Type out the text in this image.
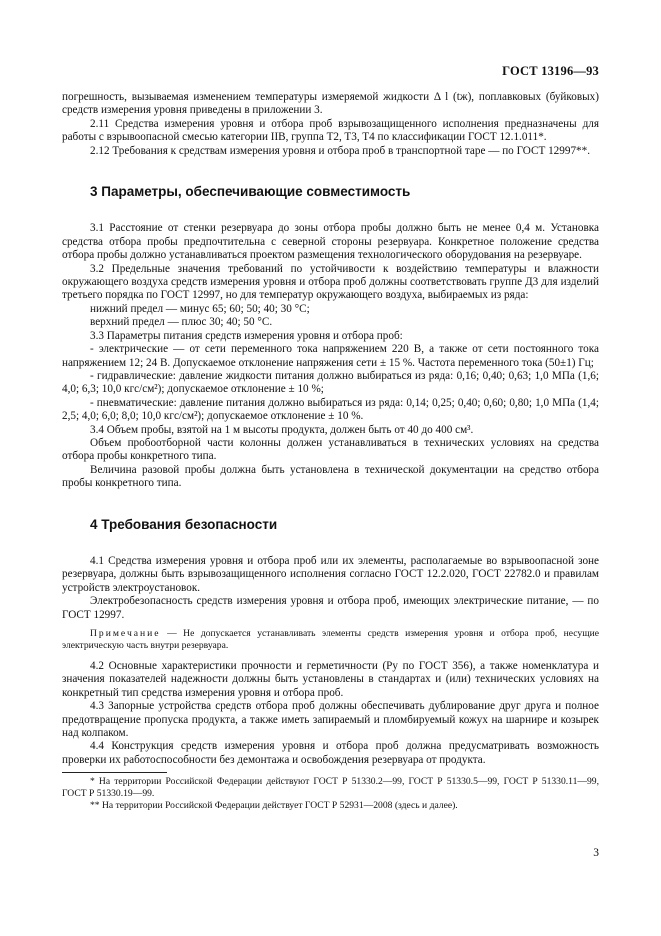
ГОСТ 13196—93

погрешность, вызываемая изменением температуры измеряемой жидкости Δ l (tж), поплавковых (буйковых) средств измерения уровня приведены в приложении 3.

2.11 Средства измерения уровня и отбора проб взрывозащищенного исполнения предназначены для работы с взрывоопасной смесью категории IIB, группа T2, T3, T4 по классификации ГОСТ 12.1.011*.

2.12 Требования к средствам измерения уровня и отбора проб в транспортной таре — по ГОСТ 12997**.

3 Параметры, обеспечивающие совместимость

3.1 Расстояние от стенки резервуара до зоны отбора пробы должно быть не менее 0,4 м. Установка средства отбора пробы предпочтительна с северной стороны резервуара. Конкретное положение средства отбора пробы должно устанавливаться проектом размещения технологического оборудования на резервуаре.

3.2 Предельные значения требований по устойчивости к воздействию температуры и влажности окружающего воздуха средств измерения уровня и отбора проб должны соответствовать группе Д3 для изделий третьего порядка по ГОСТ 12997, но для температур окружающего воздуха, выбираемых из ряда:

нижний предел — минус 65; 60; 50; 40; 30 °C;

верхний предел — плюс 30; 40; 50 °C.

3.3 Параметры питания средств измерения уровня и отбора проб:

- электрические — от сети переменного тока напряжением 220 В, а также от сети постоянного тока напряжением 12; 24 В. Допускаемое отклонение напряжения сети ± 15 %. Частота переменного тока (50±1) Гц;

- гидравлические: давление жидкости питания должно выбираться из ряда: 0,16; 0,40; 0,63; 1,0 МПа (1,6; 4,0; 6,3; 10,0 кгс/см²); допускаемое отклонение ± 10 %;

- пневматические: давление питания должно выбираться из ряда: 0,14; 0,25; 0,40; 0,60; 0,80; 1,0 МПа (1,4; 2,5; 4,0; 6,0; 8,0; 10,0 кгс/см²); допускаемое отклонение ± 10 %.

3.4 Объем пробы, взятой на 1 м высоты продукта, должен быть от 40 до 400 см³.

Объем пробоотборной части колонны должен устанавливаться в технических условиях на средства отбора пробы конкретного типа.

Величина разовой пробы должна быть установлена в технической документации на средство отбора пробы конкретного типа.

4 Требования безопасности

4.1 Средства измерения уровня и отбора проб или их элементы, располагаемые во взрывоопасной зоне резервуара, должны быть взрывозащищенного исполнения согласно ГОСТ 12.2.020, ГОСТ 22782.0 и правилам устройств электроустановок.

Электробезопасность средств измерения уровня и отбора проб, имеющих электрические питание, — по ГОСТ 12997.

Примечание — Не допускается устанавливать элементы средств измерения уровня и отбора проб, несущие электрическую часть внутри резервуара.

4.2 Основные характеристики прочности и герметичности (Pу по ГОСТ 356), а также номенклатура и значения показателей надежности должны быть установлены в стандартах и (или) технических условиях на конкретный тип средства измерения уровня и отбора проб.

4.3 Запорные устройства средств отбора проб должны обеспечивать дублирование друг друга и полное предотвращение пропуска продукта, а также иметь запираемый и пломбируемый кожух на шарнире и козырек над колпаком.

4.4 Конструкция средств измерения уровня и отбора проб должна предусматривать возможность проверки их работоспособности без демонтажа и освобождения резервуара от продукта.

* На территории Российской Федерации действуют ГОСТ Р 51330.2—99, ГОСТ Р 51330.5—99, ГОСТ Р 51330.11—99, ГОСТ Р 51330.19—99.

** На территории Российской Федерации действует ГОСТ Р 52931—2008 (здесь и далее).

3
